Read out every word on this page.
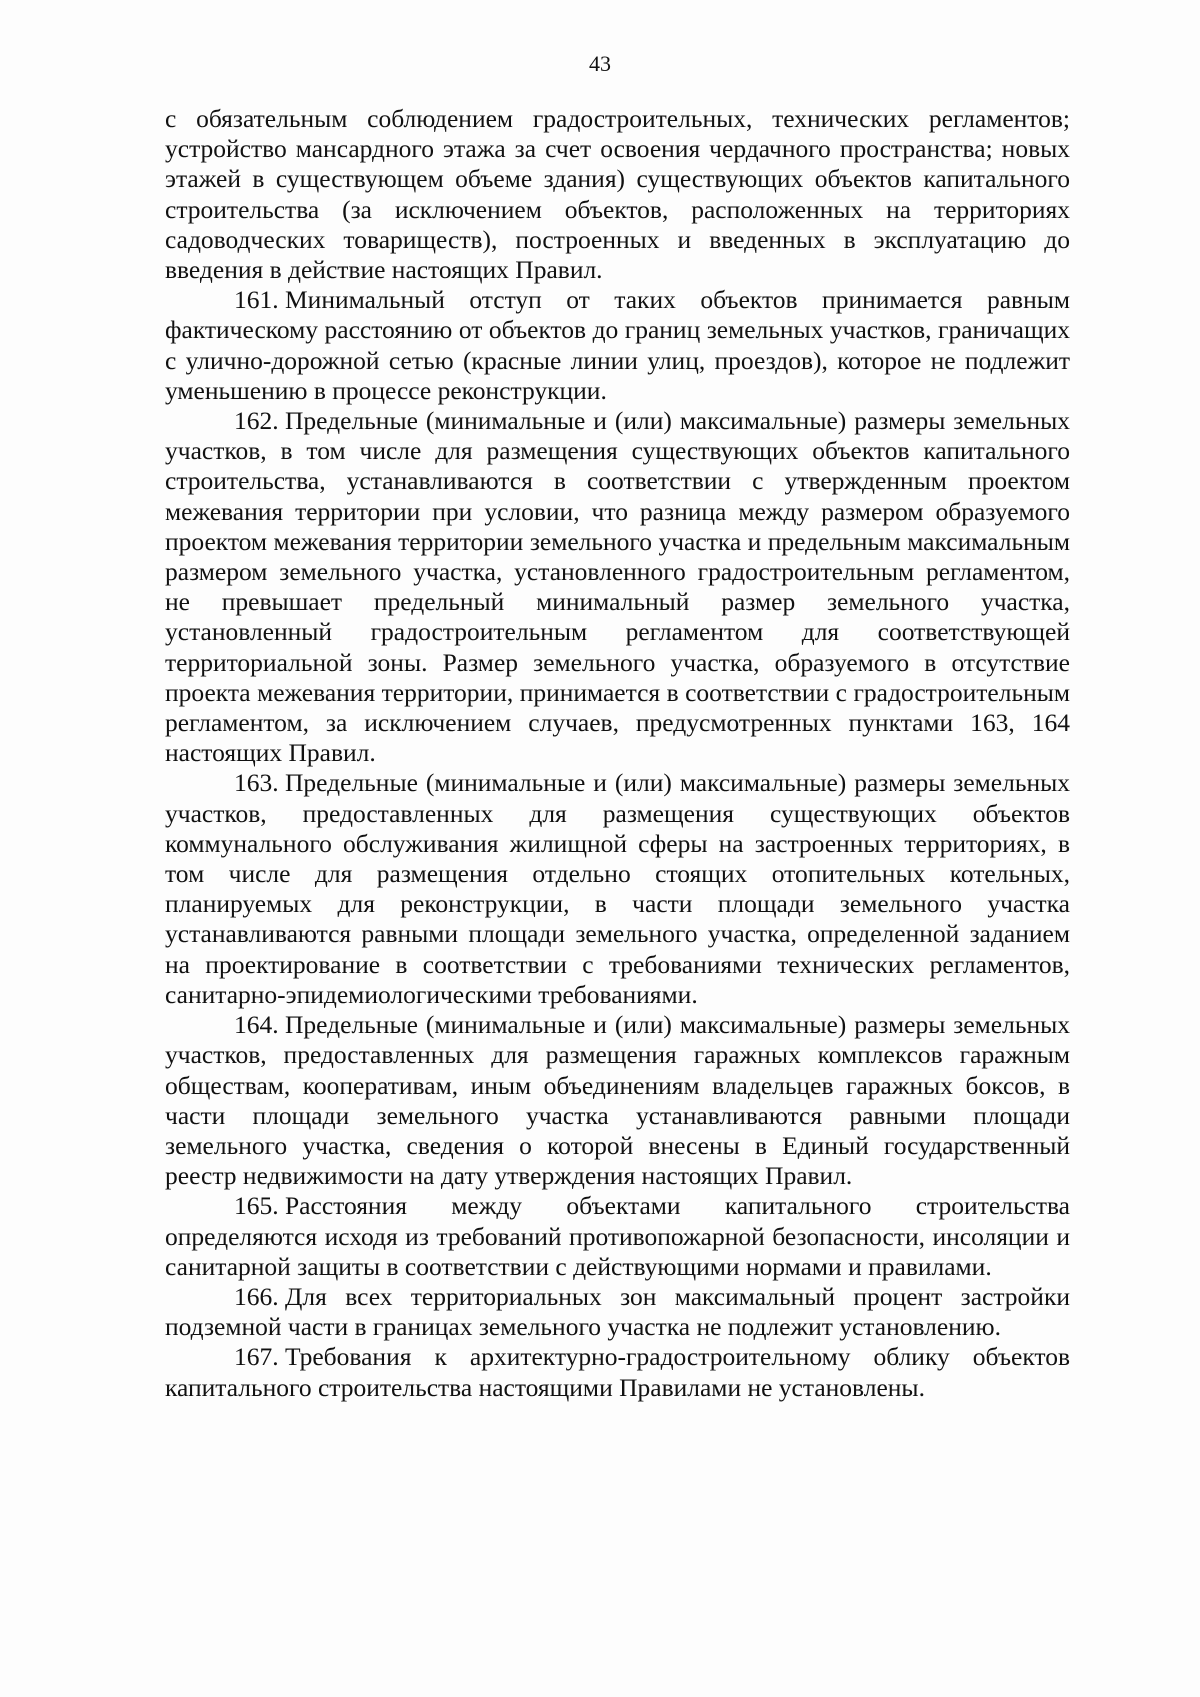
43

с обязательным соблюдением градостроительных, технических регламентов; устройство мансардного этажа за счет освоения чердачного пространства; новых этажей в существующем объеме здания) существующих объектов капитального строительства (за исключением объектов, расположенных на территориях садоводческих товариществ), построенных и введенных в эксплуатацию до введения в действие настоящих Правил.

161. Минимальный отступ от таких объектов принимается равным фактическому расстоянию от объектов до границ земельных участков, граничащих с улично-дорожной сетью (красные линии улиц, проездов), которое не подлежит уменьшению в процессе реконструкции.

162. Предельные (минимальные и (или) максимальные) размеры земельных участков, в том числе для размещения существующих объектов капитального строительства, устанавливаются в соответствии с утвержденным проектом межевания территории при условии, что разница между размером образуемого проектом межевания территории земельного участка и предельным максимальным размером земельного участка, установленного градостроительным регламентом, не превышает предельный минимальный размер земельного участка, установленный градостроительным регламентом для соответствующей территориальной зоны. Размер земельного участка, образуемого в отсутствие проекта межевания территории, принимается в соответствии с градостроительным регламентом, за исключением случаев, предусмотренных пунктами 163, 164 настоящих Правил.

163. Предельные (минимальные и (или) максимальные) размеры земельных участков, предоставленных для размещения существующих объектов коммунального обслуживания жилищной сферы на застроенных территориях, в том числе для размещения отдельно стоящих отопительных котельных, планируемых для реконструкции, в части площади земельного участка устанавливаются равными площади земельного участка, определенной заданием на проектирование в соответствии с требованиями технических регламентов, санитарно-эпидемиологическими требованиями.

164. Предельные (минимальные и (или) максимальные) размеры земельных участков, предоставленных для размещения гаражных комплексов гаражным обществам, кооперативам, иным объединениям владельцев гаражных боксов, в части площади земельного участка устанавливаются равными площади земельного участка, сведения о которой внесены в Единый государственный реестр недвижимости на дату утверждения настоящих Правил.

165. Расстояния между объектами капитального строительства определяются исходя из требований противопожарной безопасности, инсоляции и санитарной защиты в соответствии с действующими нормами и правилами.

166. Для всех территориальных зон максимальный процент застройки подземной части в границах земельного участка не подлежит установлению.

167. Требования к архитектурно-градостроительному облику объектов капитального строительства настоящими Правилами не установлены.
